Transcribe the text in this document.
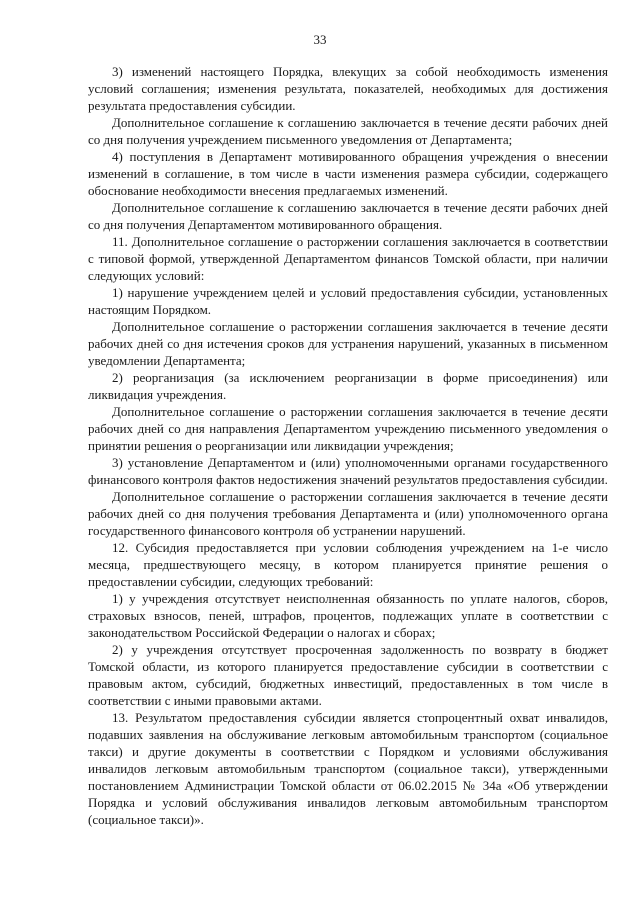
33

3) изменений настоящего Порядка, влекущих за собой необходимость изменения условий соглашения; изменения результата, показателей, необходимых для достижения результата предоставления субсидии.

Дополнительное соглашение к соглашению заключается в течение десяти рабочих дней со дня получения учреждением письменного уведомления от Департамента;

4) поступления в Департамент мотивированного обращения учреждения о внесении изменений в соглашение, в том числе в части изменения размера субсидии, содержащего обоснование необходимости внесения предлагаемых изменений.

Дополнительное соглашение к соглашению заключается в течение десяти рабочих дней со дня получения Департаментом мотивированного обращения.

11. Дополнительное соглашение о расторжении соглашения заключается в соответствии с типовой формой, утвержденной Департаментом финансов Томской области, при наличии следующих условий:

1) нарушение учреждением целей и условий предоставления субсидии, установленных настоящим Порядком.

Дополнительное соглашение о расторжении соглашения заключается в течение десяти рабочих дней со дня истечения сроков для устранения нарушений, указанных в письменном уведомлении Департамента;

2) реорганизация (за исключением реорганизации в форме присоединения) или ликвидация учреждения.

Дополнительное соглашение о расторжении соглашения заключается в течение десяти рабочих дней со дня направления Департаментом учреждению письменного уведомления о принятии решения о реорганизации или ликвидации учреждения;

3) установление Департаментом и (или) уполномоченными органами государственного финансового контроля фактов недостижения значений результатов предоставления субсидии.

Дополнительное соглашение о расторжении соглашения заключается в течение десяти рабочих дней со дня получения требования Департамента и (или) уполномоченного органа государственного финансового контроля об устранении нарушений.

12. Субсидия предоставляется при условии соблюдения учреждением на 1-е число месяца, предшествующего месяцу, в котором планируется принятие решения о предоставлении субсидии, следующих требований:

1) у учреждения отсутствует неисполненная обязанность по уплате налогов, сборов, страховых взносов, пеней, штрафов, процентов, подлежащих уплате в соответствии с законодательством Российской Федерации о налогах и сборах;

2) у учреждения отсутствует просроченная задолженность по возврату в бюджет Томской области, из которого планируется предоставление субсидии в соответствии с правовым актом, субсидий, бюджетных инвестиций, предоставленных в том числе в соответствии с иными правовыми актами.

13. Результатом предоставления субсидии является стопроцентный охват инвалидов, подавших заявления на обслуживание легковым автомобильным транспортом (социальное такси) и другие документы в соответствии с Порядком и условиями обслуживания инвалидов легковым автомобильным транспортом (социальное такси), утвержденными постановлением Администрации Томской области от 06.02.2015 № 34а «Об утверждении Порядка и условий обслуживания инвалидов легковым автомобильным транспортом (социальное такси)».
